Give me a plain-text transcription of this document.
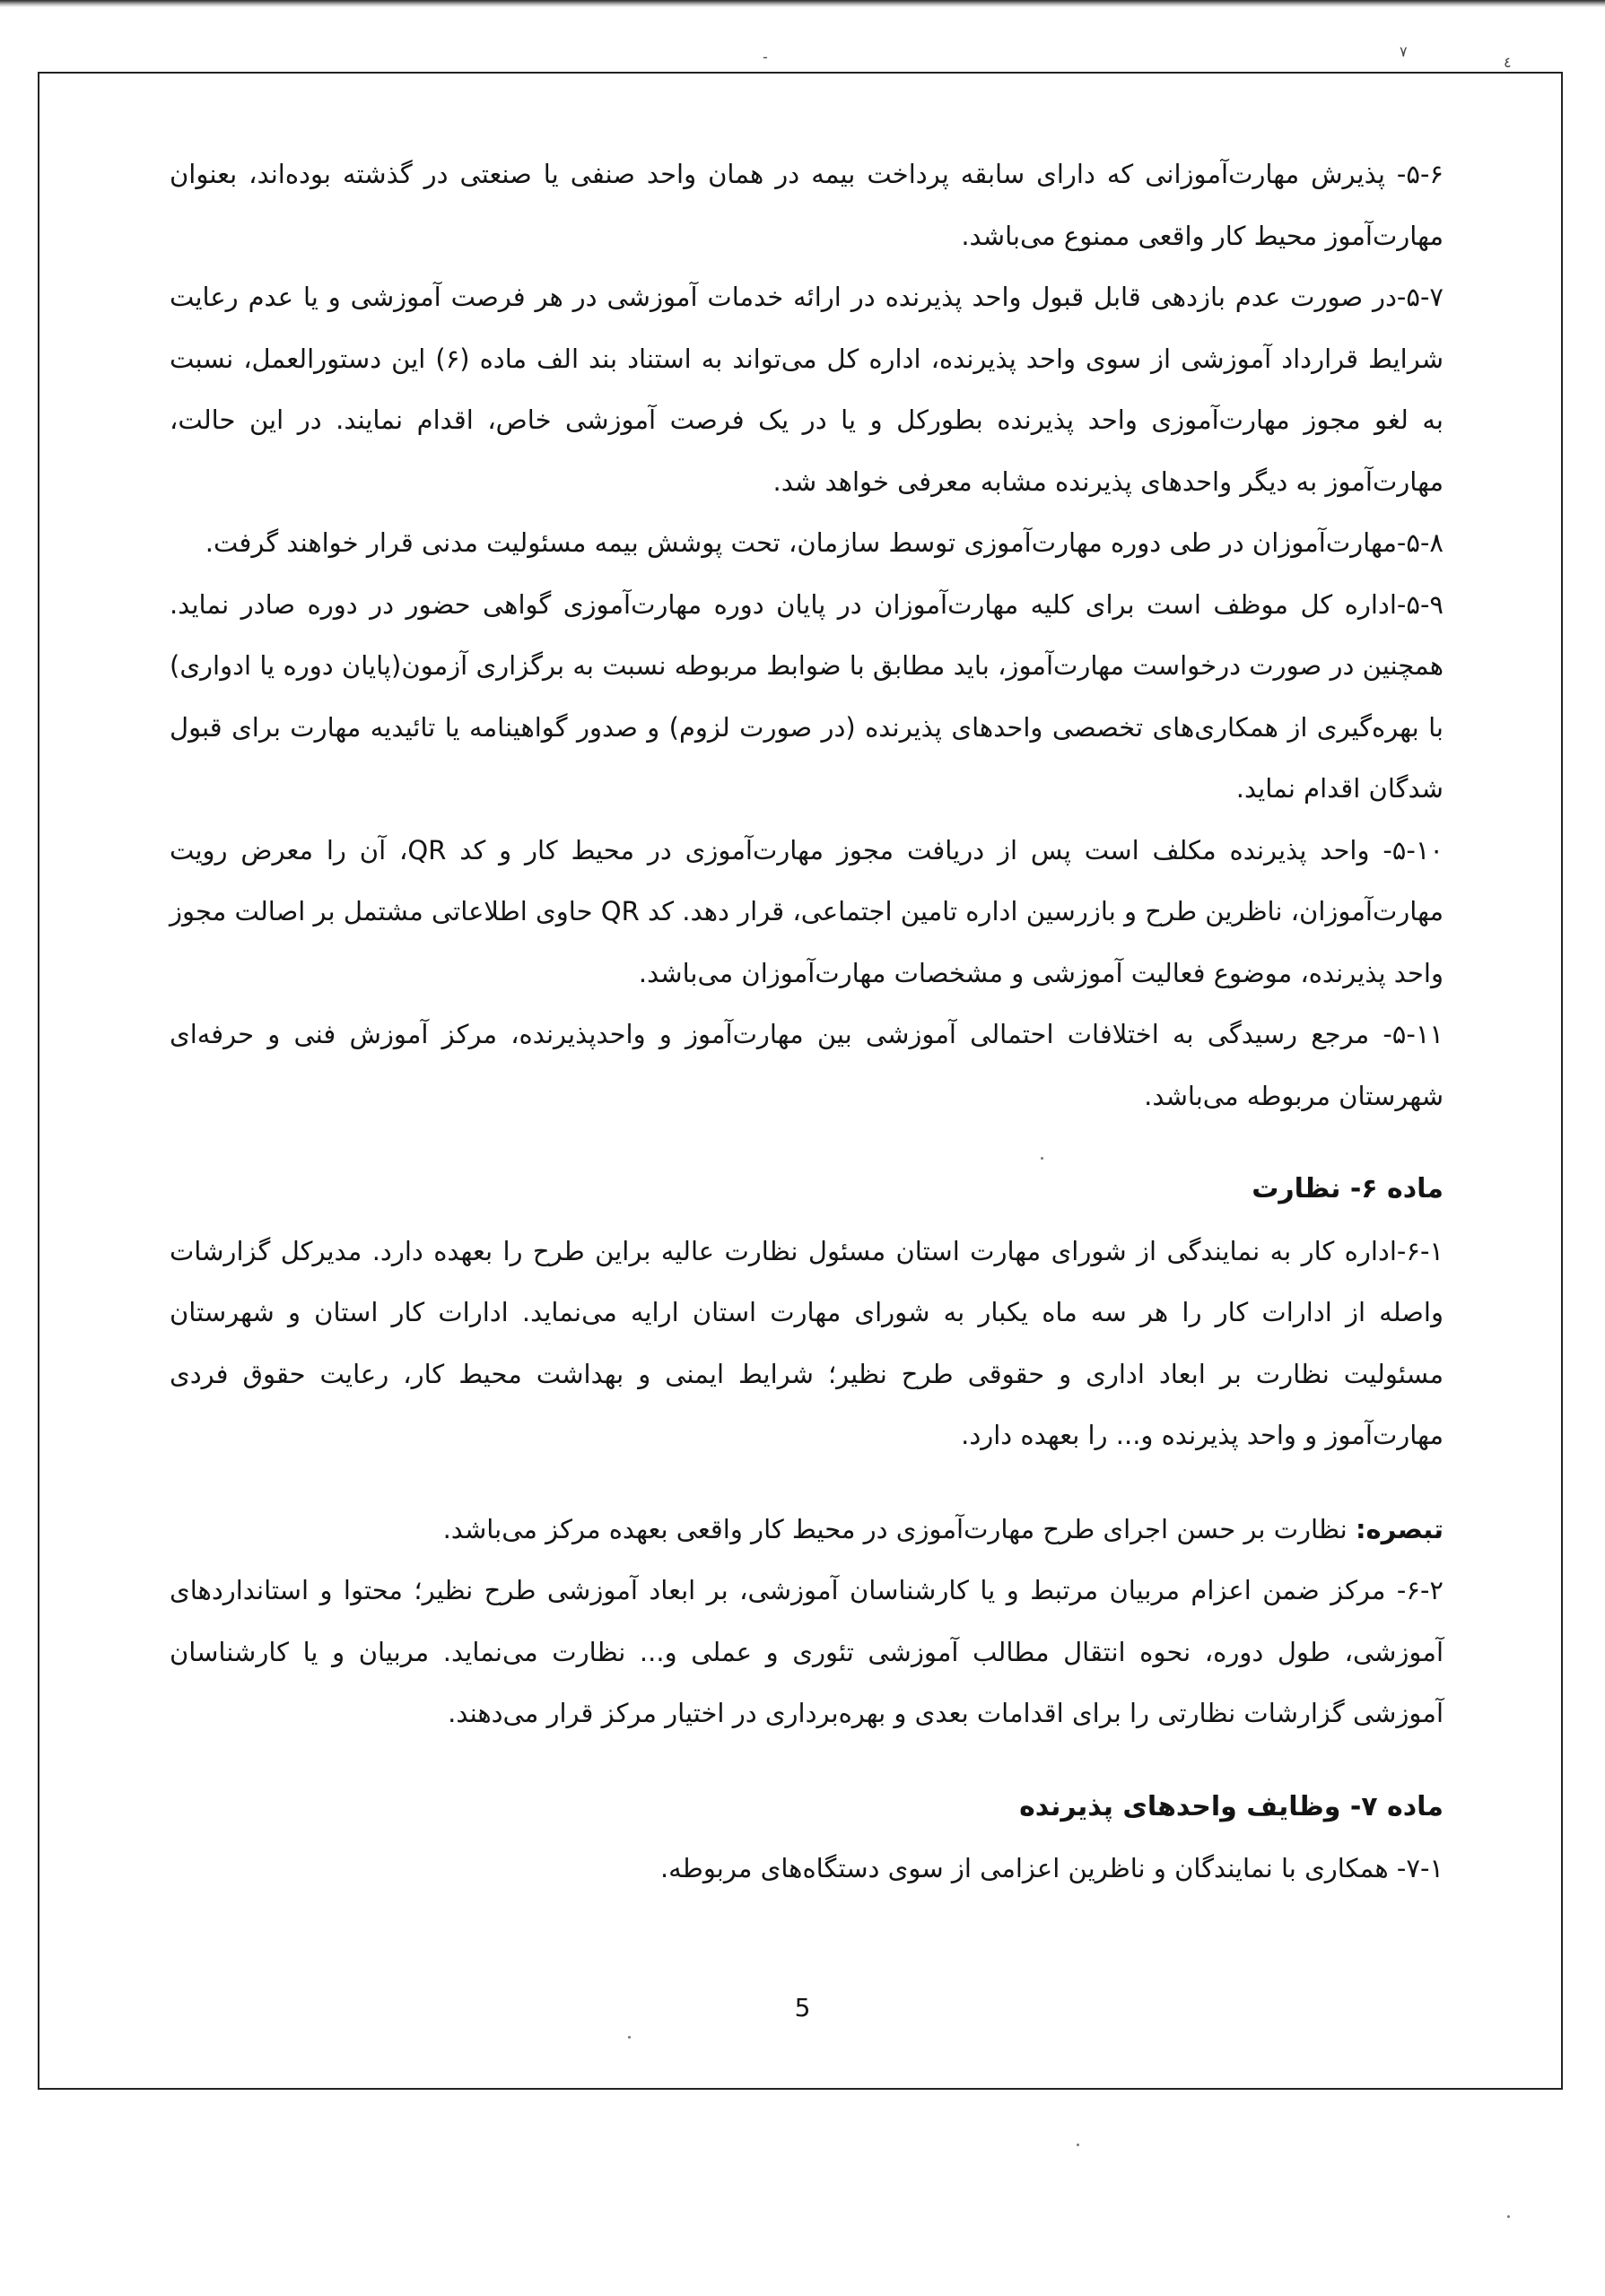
۷
٤
-

۵-۶- پذیرش مهارت‌آموزانی که دارای سابقه پرداخت بیمه در همان واحد صنفی یا صنعتی در گذشته بوده‌اند، بعنوان مهارت‌آموز محیط کار واقعی ممنوع می‌باشد.

۵-۷-در صورت عدم بازدهی قابل قبول واحد پذیرنده در ارائه خدمات آموزشی در هر فرصت آموزشی و یا عدم رعایت شرایط قرارداد آموزشی از سوی واحد پذیرنده، اداره کل می‌تواند به استناد بند الف ماده (۶) این دستورالعمل، نسبت به لغو مجوز مهارت‌آموزی واحد پذیرنده بطورکل و یا در یک فرصت آموزشی خاص، اقدام نمایند. در این حالت، مهارت‌آموز به دیگر واحدهای پذیرنده مشابه معرفی خواهد شد.

۵-۸-مهارت‌آموزان در طی دوره مهارت‌آموزی توسط سازمان، تحت پوشش بیمه مسئولیت مدنی قرار خواهند گرفت.

۵-۹-اداره کل موظف است برای کلیه مهارت‌آموزان در پایان دوره مهارت‌آموزی گواهی حضور در دوره صادر نماید. همچنین در صورت درخواست مهارت‌آموز، باید مطابق با ضوابط مربوطه نسبت به برگزاری آزمون(پایان دوره یا ادواری) با بهره‌گیری از همکاری‌های تخصصی واحدهای پذیرنده (در صورت لزوم) و صدور گواهینامه یا تائیدیه مهارت برای قبول شدگان اقدام نماید.

۵-۱۰- واحد پذیرنده مکلف است پس از دریافت مجوز مهارت‌آموزی در محیط کار و کد QR، آن را معرض رویت مهارت‌آموزان، ناظرین طرح و بازرسین اداره تامین اجتماعی، قرار دهد. کد QR حاوی اطلاعاتی مشتمل بر اصالت مجوز واحد پذیرنده، موضوع فعالیت آموزشی و مشخصات مهارت‌آموزان می‌باشد.

۵-۱۱- مرجع رسیدگی به اختلافات احتمالی آموزشی بین مهارت‌آموز و واحدپذیرنده، مرکز آموزش فنی و حرفه‌ای شهرستان مربوطه می‌باشد.

ماده ۶- نظارت

۶-۱-اداره کار به نمایندگی از شورای مهارت استان مسئول نظارت عالیه براین طرح را بعهده دارد. مدیرکل گزارشات واصله از ادارات کار را هر سه ماه یکبار به شورای مهارت استان ارایه می‌نماید. ادارات کار استان و شهرستان مسئولیت نظارت بر ابعاد اداری و حقوقی طرح نظیر؛ شرایط ایمنی و بهداشت محیط کار، رعایت حقوق فردی مهارت‌آموز و واحد پذیرنده و... را بعهده دارد.

تبصره: نظارت بر حسن اجرای طرح مهارت‌آموزی در محیط کار واقعی بعهده مرکز می‌باشد.

۶-۲- مرکز ضمن اعزام مربیان مرتبط و یا کارشناسان آموزشی، بر ابعاد آموزشی طرح نظیر؛ محتوا و استانداردهای آموزشی، طول دوره، نحوه انتقال مطالب آموزشی تئوری و عملی و... نظارت می‌نماید. مربیان و یا کارشناسان آموزشی گزارشات نظارتی را برای اقدامات بعدی و بهره‌برداری در اختیار مرکز قرار می‌دهند.

ماده ۷- وظایف واحدهای پذیرنده

۷-۱- همکاری با نمایندگان و ناظرین اعزامی از سوی دستگاه‌های مربوطه.

5
